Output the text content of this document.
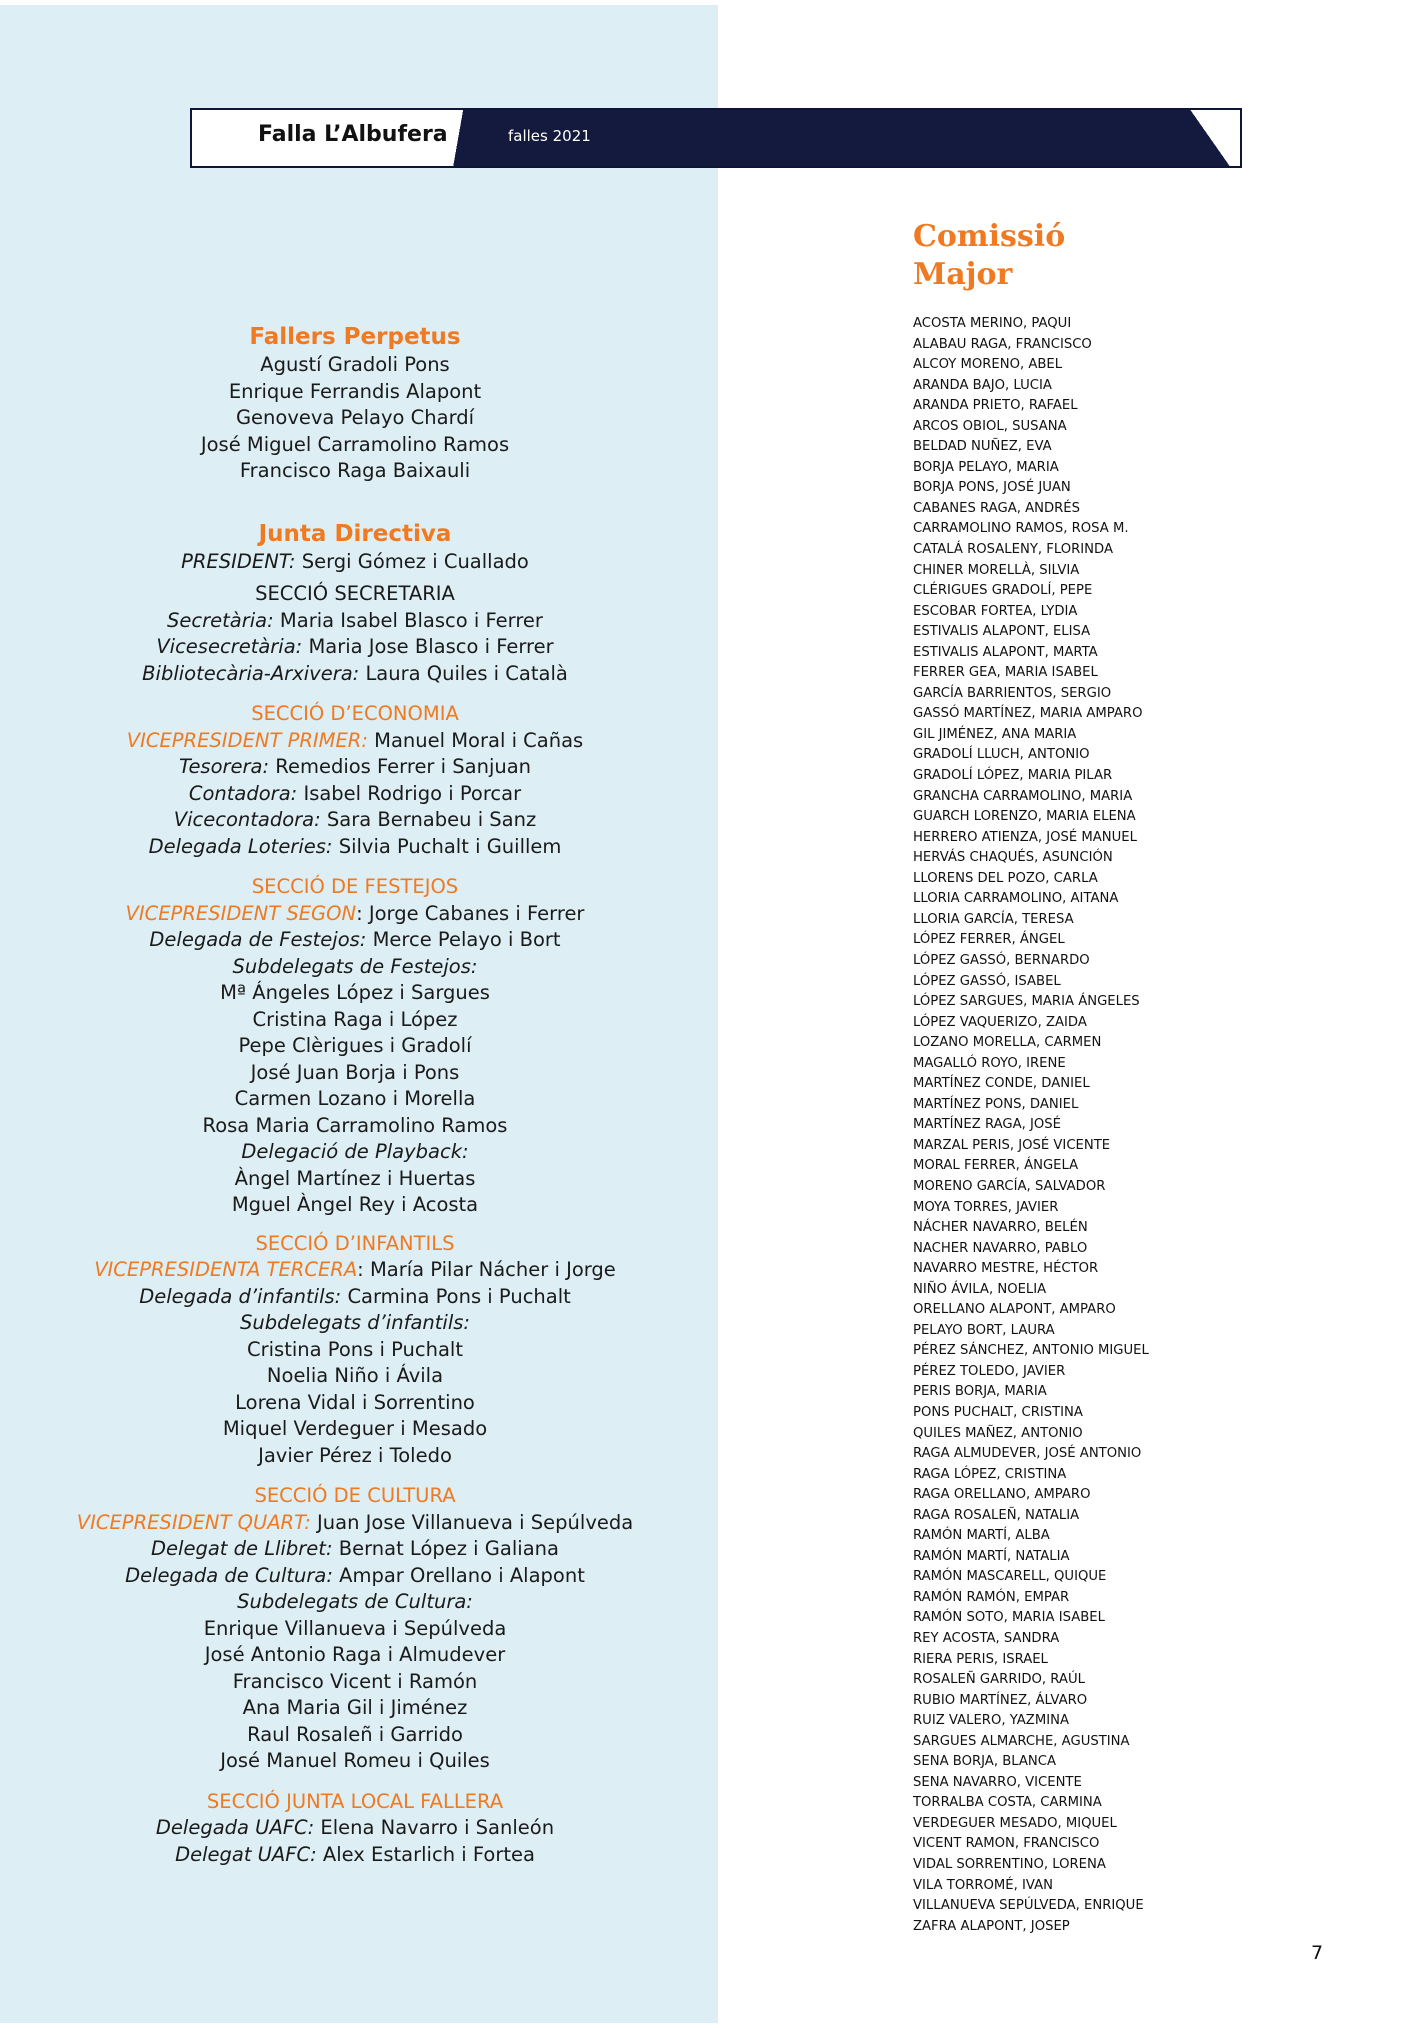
Falla L’Albufera	falles 2021
Fallers Perpetus
Agustí Gradoli Pons
Enrique Ferrandis Alapont
Genoveva Pelayo Chardí
José Miguel Carramolino Ramos
Francisco Raga Baixauli
Junta Directiva
PRESIDENT: Sergi Gómez i Cuallado
SECCIÓ SECRETARIA
Secretària: Maria Isabel Blasco i Ferrer
Vicesecretària: Maria Jose Blasco i Ferrer
Bibliotecària-Arxivera: Laura Quiles i Català
SECCIÓ D’ECONOMIA
VICEPRESIDENT PRIMER: Manuel Moral i Cañas
Tesorera: Remedios Ferrer i Sanjuan
Contadora: Isabel Rodrigo i Porcar
Vicecontadora: Sara Bernabeu i Sanz
Delegada Loteries: Silvia Puchalt i Guillem
SECCIÓ DE FESTEJOS
VICEPRESIDENT SEGON: Jorge Cabanes i Ferrer
Delegada de Festejos: Merce Pelayo i Bort
Subdelegats de Festejos:
Mª Ángeles López i Sargues
Cristina Raga i López
Pepe Clèrigues i Gradolí
José Juan Borja i Pons
Carmen Lozano i Morella
Rosa Maria Carramolino Ramos
Delegació de Playback:
Àngel Martínez i Huertas
Mguel Àngel Rey i Acosta
SECCIÓ D’INFANTILS
VICEPRESIDENTA TERCERA: María Pilar Nácher i Jorge
Delegada d’infantils: Carmina Pons i Puchalt
Subdelegats d’infantils:
Cristina Pons i Puchalt
Noelia Niño i Ávila
Lorena Vidal i Sorrentino
Miquel Verdeguer i Mesado
Javier Pérez i Toledo
SECCIÓ DE CULTURA
VICEPRESIDENT QUART: Juan Jose Villanueva i Sepúlveda
Delegat de Llibret: Bernat López i Galiana
Delegada de Cultura: Ampar Orellano i Alapont
Subdelegats de Cultura:
Enrique Villanueva i Sepúlveda
José Antonio Raga i Almudever
Francisco Vicent i Ramón
Ana Maria Gil i Jiménez
Raul Rosaleñ i Garrido
José Manuel Romeu i Quiles
SECCIÓ JUNTA LOCAL FALLERA
Delegada UAFC: Elena Navarro i Sanleón
Delegat UAFC: Alex Estarlich i Fortea
Comissió
Major
ACOSTA MERINO, PAQUI
ALABAU RAGA, FRANCISCO
ALCOY MORENO, ABEL
ARANDA BAJO, LUCIA
ARANDA PRIETO, RAFAEL
ARCOS OBIOL, SUSANA
BELDAD NUÑEZ, EVA
BORJA PELAYO, MARIA
BORJA PONS, JOSÉ JUAN
CABANES RAGA, ANDRÉS
CARRAMOLINO RAMOS, ROSA M.
CATALÁ ROSALENY, FLORINDA
CHINER MORELLÀ, SILVIA
CLÉRIGUES GRADOLÍ, PEPE
ESCOBAR FORTEA, LYDIA
ESTIVALIS ALAPONT, ELISA
ESTIVALIS ALAPONT, MARTA
FERRER GEA, MARIA ISABEL
GARCÍA BARRIENTOS, SERGIO
GASSÓ MARTÍNEZ, MARIA AMPARO
GIL JIMÉNEZ, ANA MARIA
GRADOLÍ LLUCH, ANTONIO
GRADOLÍ LÓPEZ, MARIA PILAR
GRANCHA CARRAMOLINO, MARIA
GUARCH LORENZO, MARIA ELENA
HERRERO ATIENZA, JOSÉ MANUEL
HERVÁS CHAQUÉS, ASUNCIÓN
LLORENS DEL POZO, CARLA
LLORIA CARRAMOLINO, AITANA
LLORIA GARCÍA, TERESA
LÓPEZ FERRER, ÁNGEL
LÓPEZ GASSÓ, BERNARDO
LÓPEZ GASSÓ, ISABEL
LÓPEZ SARGUES, MARIA ÁNGELES
LÓPEZ VAQUERIZO, ZAIDA
LOZANO MORELLA, CARMEN
MAGALLÓ ROYO, IRENE
MARTÍNEZ CONDE, DANIEL
MARTÍNEZ PONS, DANIEL
MARTÍNEZ RAGA, JOSÉ
MARZAL PERIS, JOSÉ VICENTE
MORAL FERRER, ÁNGELA
MORENO GARCÍA, SALVADOR
MOYA TORRES, JAVIER
NÁCHER NAVARRO, BELÉN
NACHER NAVARRO, PABLO
NAVARRO MESTRE, HÉCTOR
NIÑO ÁVILA, NOELIA
ORELLANO ALAPONT, AMPARO
PELAYO BORT, LAURA
PÉREZ SÁNCHEZ, ANTONIO MIGUEL
PÉREZ TOLEDO, JAVIER
PERIS BORJA, MARIA
PONS PUCHALT, CRISTINA
QUILES MAÑEZ, ANTONIO
RAGA ALMUDEVER, JOSÉ ANTONIO
RAGA LÓPEZ, CRISTINA
RAGA ORELLANO, AMPARO
RAGA ROSALEÑ, NATALIA
RAMÓN MARTÍ, ALBA
RAMÓN MARTÍ, NATALIA
RAMÓN MASCARELL, QUIQUE
RAMÓN RAMÓN, EMPAR
RAMÓN SOTO, MARIA ISABEL
REY ACOSTA, SANDRA
RIERA PERIS, ISRAEL
ROSALEÑ GARRIDO, RAÚL
RUBIO MARTÍNEZ, ÁLVARO
RUIZ VALERO, YAZMINA
SARGUES ALMARCHE, AGUSTINA
SENA BORJA, BLANCA
SENA NAVARRO, VICENTE
TORRALBA COSTA, CARMINA
VERDEGUER MESADO, MIQUEL
VICENT RAMON, FRANCISCO
VIDAL SORRENTINO, LORENA
VILA TORROMÉ, IVAN
VILLANUEVA SEPÚLVEDA, ENRIQUE
ZAFRA ALAPONT, JOSEP
7
